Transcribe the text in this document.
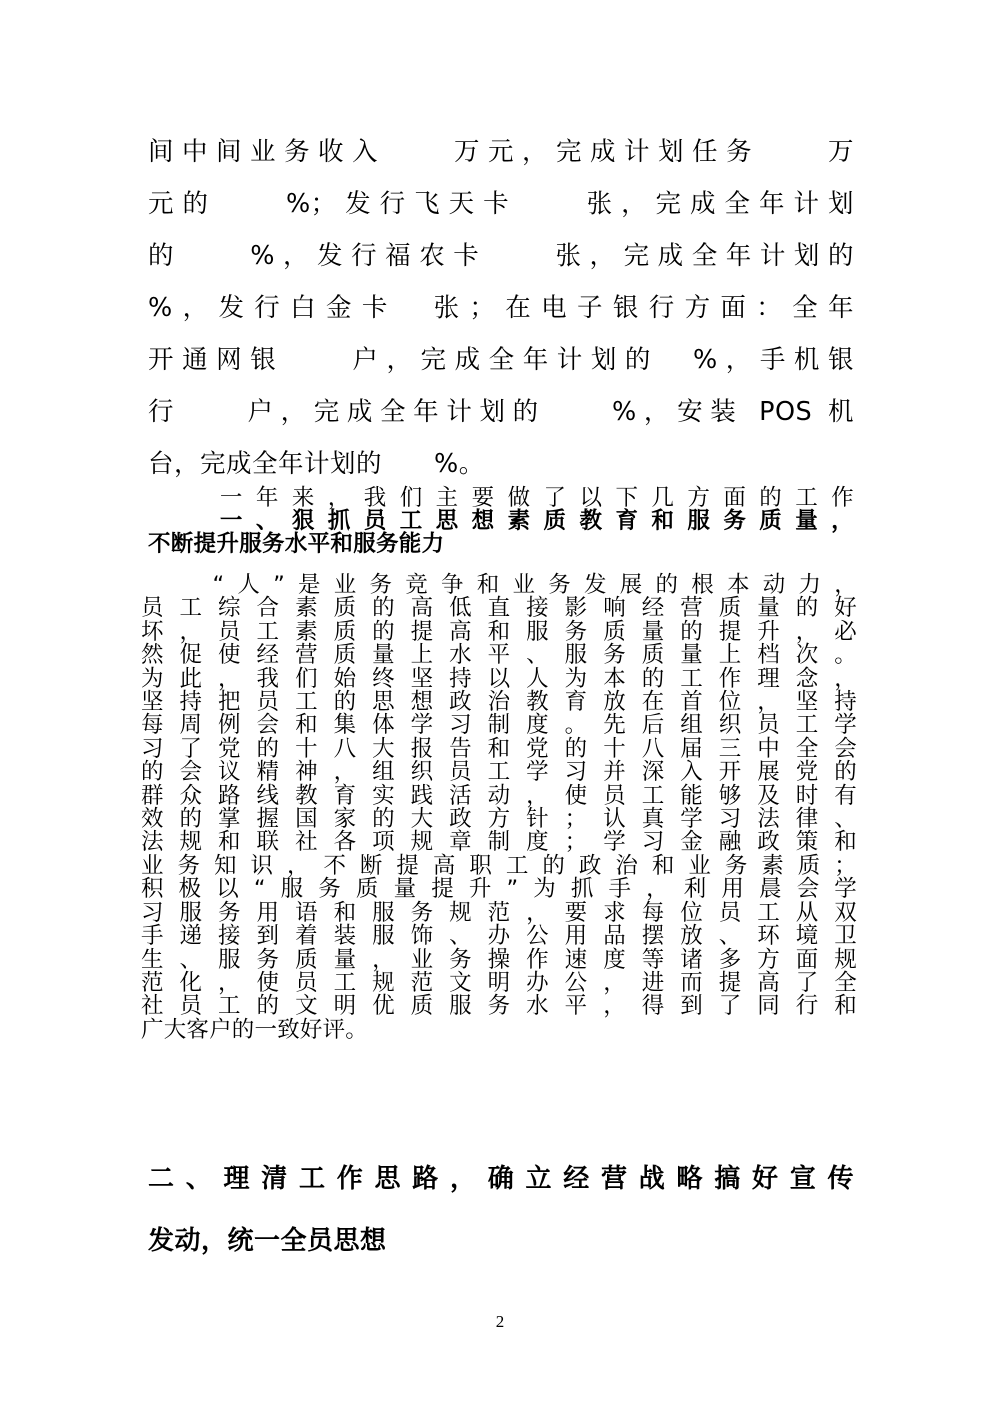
间中间业务收入　　万元，完成计划任务　　万
元的　　%；发行飞天卡　　张，完成全年计划
的　　%，发行福农卡　　张，完成全年计划的
%，发行白金卡　张；在电子银行方面：全年
开通网银　　户，完成全年计划的　%，手机银
行　　户，完成全年计划的　　%，安装 POS 机
台，完成全年计划的　　%。
　　一年来，我们主要做了以下几方面的工作
　　一、狠抓员工思想素质教育和服务质量，
不断提升服务水平和服务能力
　　“人”是业务竞争和业务发展的根本动力，
员工综合素质的高低直接影响经营质量的好
坏，员工素质的提高和服务质量的提升，必
然促使经营质量上水平、服务质量上档次。
为此，我们始终坚持以人为本的工作理念，
坚持把员工的思想政治教育放在首位，坚持
每周例会和集体学习制度。先后组织员工学
习了党的十八大报告和党的十八届三中全会
的会议精神，组织员工学习并深入开展党的
群众路线教育实践活动，使员工能够及时有
效的掌握国家的大政方针；认真学习法律、
法规和联社各项规章制度；学习金融政策和
业务知识，不断提高职工的政治和业务素质；
积极以“服务质量提升”为抓手，利用晨会学
习服务用语和服务规范，要求每位员工从双
手递接到着装服饰、办公用品摆放、环境卫
生、服务质量，业务操作速度等诸多方面规
范化，使员工规范文明办公，进而提高了全
社员工的文明优质服务水平，得到了同行和
广大客户的一致好评。
二、理清工作思路，确立经营战略搞好宣传
发动，统一全员思想
2
